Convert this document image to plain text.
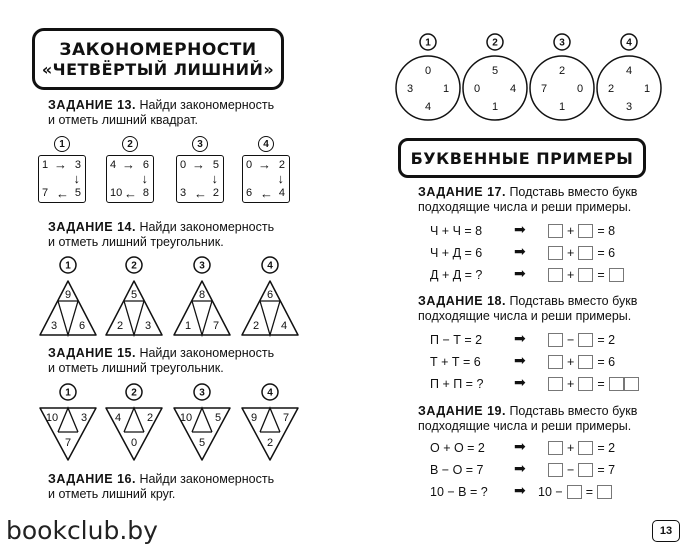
ЗАКОНОМЕРНОСТИ
«ЧЕТВЁРТЫЙ ЛИШНИЙ»
ЗАДАНИЕ 13. Найди закономерность
и отметь лишний квадрат.
1
1 3
7 5
→
↓
←
2
4 6
10 8
→
↓
←
3
0 5
3 2
→
↓
←
4
0 2
6 4
→
↓
←
ЗАДАНИЕ 14. Найди закономерность
и отметь лишний треугольник.
1
9
3 6
2
5
2 3
3
8
1 7
4
6
2 4
ЗАДАНИЕ 15. Найди закономерность
и отметь лишний треугольник.
1
10 3
7
2
4 2
0
3
10 5
5
4
9 7
2
ЗАДАНИЕ 16. Найди закономерность
и отметь лишний круг.
bookclub.by
1
0
3	1
4
2
5
0	4
1
3
2
7	0
1
4
4
2	1
3
БУКВЕННЫЕ ПРИМЕРЫ
ЗАДАНИЕ 17. Подставь вместо букв
подходящие числа и реши примеры.
Ч + Ч = 8 ➡	+ = 8
Ч + Д = 6 ➡	+ = 6
Д + Д = ? ➡	+ =
ЗАДАНИЕ 18. Подставь вместо букв
подходящие числа и реши примеры.
П − Т = 2 ➡	− = 2
Т + Т = 6 ➡	+ = 6
П + П = ? ➡	+ =
ЗАДАНИЕ 19. Подставь вместо букв
подходящие числа и реши примеры.
О + О = 2 ➡	+ = 2
В − О = 7 ➡	− = 7
10 − В = ? ➡ 10 − =
13
